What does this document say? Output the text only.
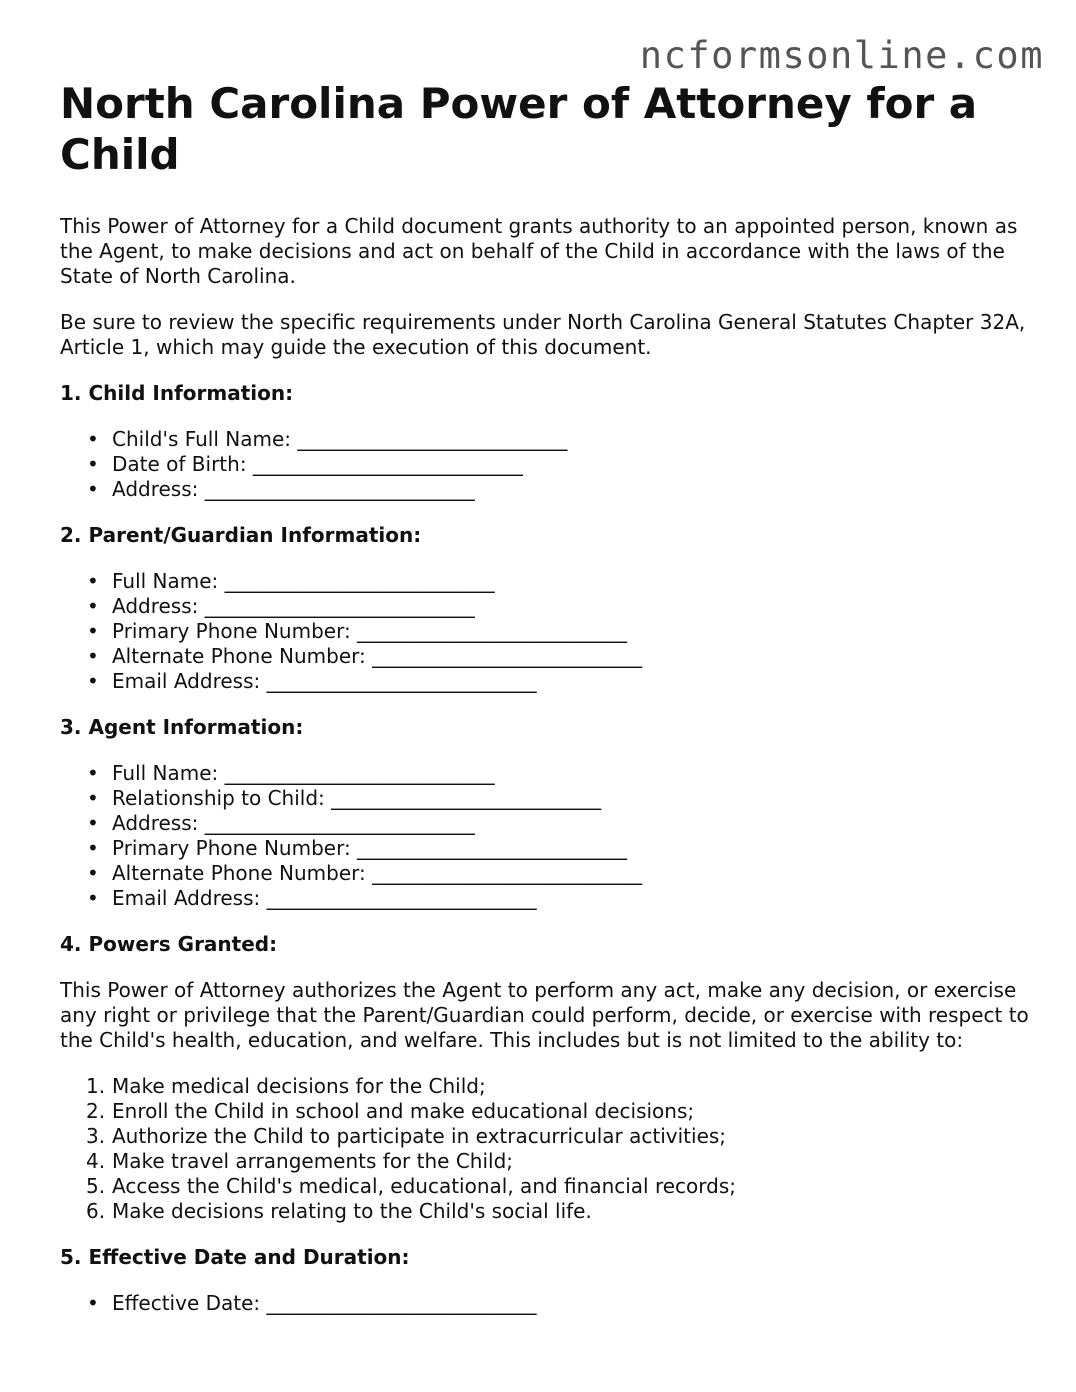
ncformsonline.com
North Carolina Power of Attorney for a Child

This Power of Attorney for a Child document grants authority to an appointed person, known as the Agent, to make decisions and act on behalf of the Child in accordance with the laws of the State of North Carolina.

Be sure to review the specific requirements under North Carolina General Statutes Chapter 32A, Article 1, which may guide the execution of this document.

1. Child Information:
• Child's Full Name: ___________________________
• Date of Birth: ___________________________
• Address: ___________________________
2. Parent/Guardian Information:
• Full Name: ___________________________
• Address: ___________________________
• Primary Phone Number: ___________________________
• Alternate Phone Number: ___________________________
• Email Address: ___________________________
3. Agent Information:
• Full Name: ___________________________
• Relationship to Child: ___________________________
• Address: ___________________________
• Primary Phone Number: ___________________________
• Alternate Phone Number: ___________________________
• Email Address: ___________________________
4. Powers Granted:

This Power of Attorney authorizes the Agent to perform any act, make any decision, or exercise any right or privilege that the Parent/Guardian could perform, decide, or exercise with respect to the Child's health, education, and welfare. This includes but is not limited to the ability to:

Make medical decisions for the Child;
Enroll the Child in school and make educational decisions;
Authorize the Child to participate in extracurricular activities;
Make travel arrangements for the Child;
Access the Child's medical, educational, and financial records;
Make decisions relating to the Child's social life.
5. Effective Date and Duration:
• Effective Date: ___________________________
